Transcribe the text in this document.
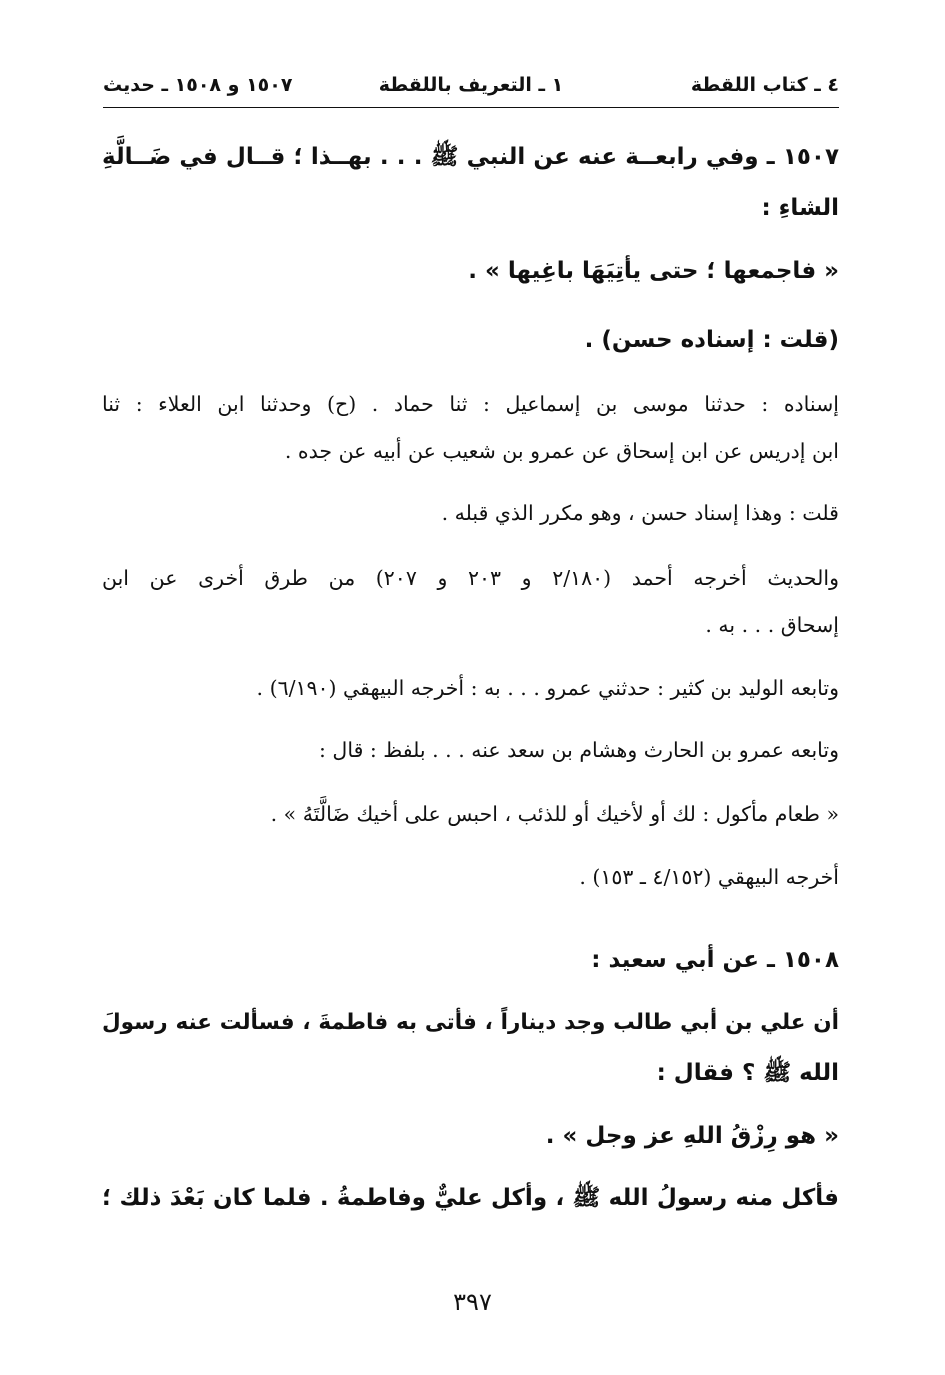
٤ ـ كتاب اللقطة
١ ـ التعريف باللقطة
١٥٠٧ و ١٥٠٨ ـ حديث
١٥٠٧ ـ وفي رابعــة عنه عن النبي ﷺ . . . بهــذا ؛ قــال في ضَــالَّةِ
الشاءِ :
« فاجمعها ؛ حتى يأتِيَهَا باغِيها » .
(قلت : إسناده حسن) .
إسناده : حدثنا موسى بن إسماعيل : ثنا حماد . (ح) وحدثنا ابن العلاء : ثنا
ابن إدريس عن ابن إسحاق عن عمرو بن شعيب عن أبيه عن جده .
قلت : وهذا إسناد حسن ، وهو مكرر الذي قبله .
والحديث أخرجه أحمد (٢/١٨٠ و ٢٠٣ و ٢٠٧) من طرق أخرى عن ابن
إسحاق . . . به .
وتابعه الوليد بن كثير : حدثني عمرو . . . به : أخرجه البيهقي (٦/١٩٠) .
وتابعه عمرو بن الحارث وهشام بن سعد عنه . . . بلفظ : قال :
« طعام مأكول : لك أو لأخيك أو للذئب ، احبس على أخيك ضَالَّتَهُ » .
أخرجه البيهقي (٤/١٥٢ ـ ١٥٣) .
١٥٠٨ ـ عن أبي سعيد :
أن علي بن أبي طالب وجد ديناراً ، فأتى به فاطمةَ ، فسألت عنه رسولَ
الله ﷺ ؟ فقال :
« هو رِزْقُ اللهِ عز وجل » .
فأكل منه رسولُ الله ﷺ ، وأكل عليٌّ وفاطمةُ . فلما كان بَعْدَ ذلك ؛
٣٩٧
